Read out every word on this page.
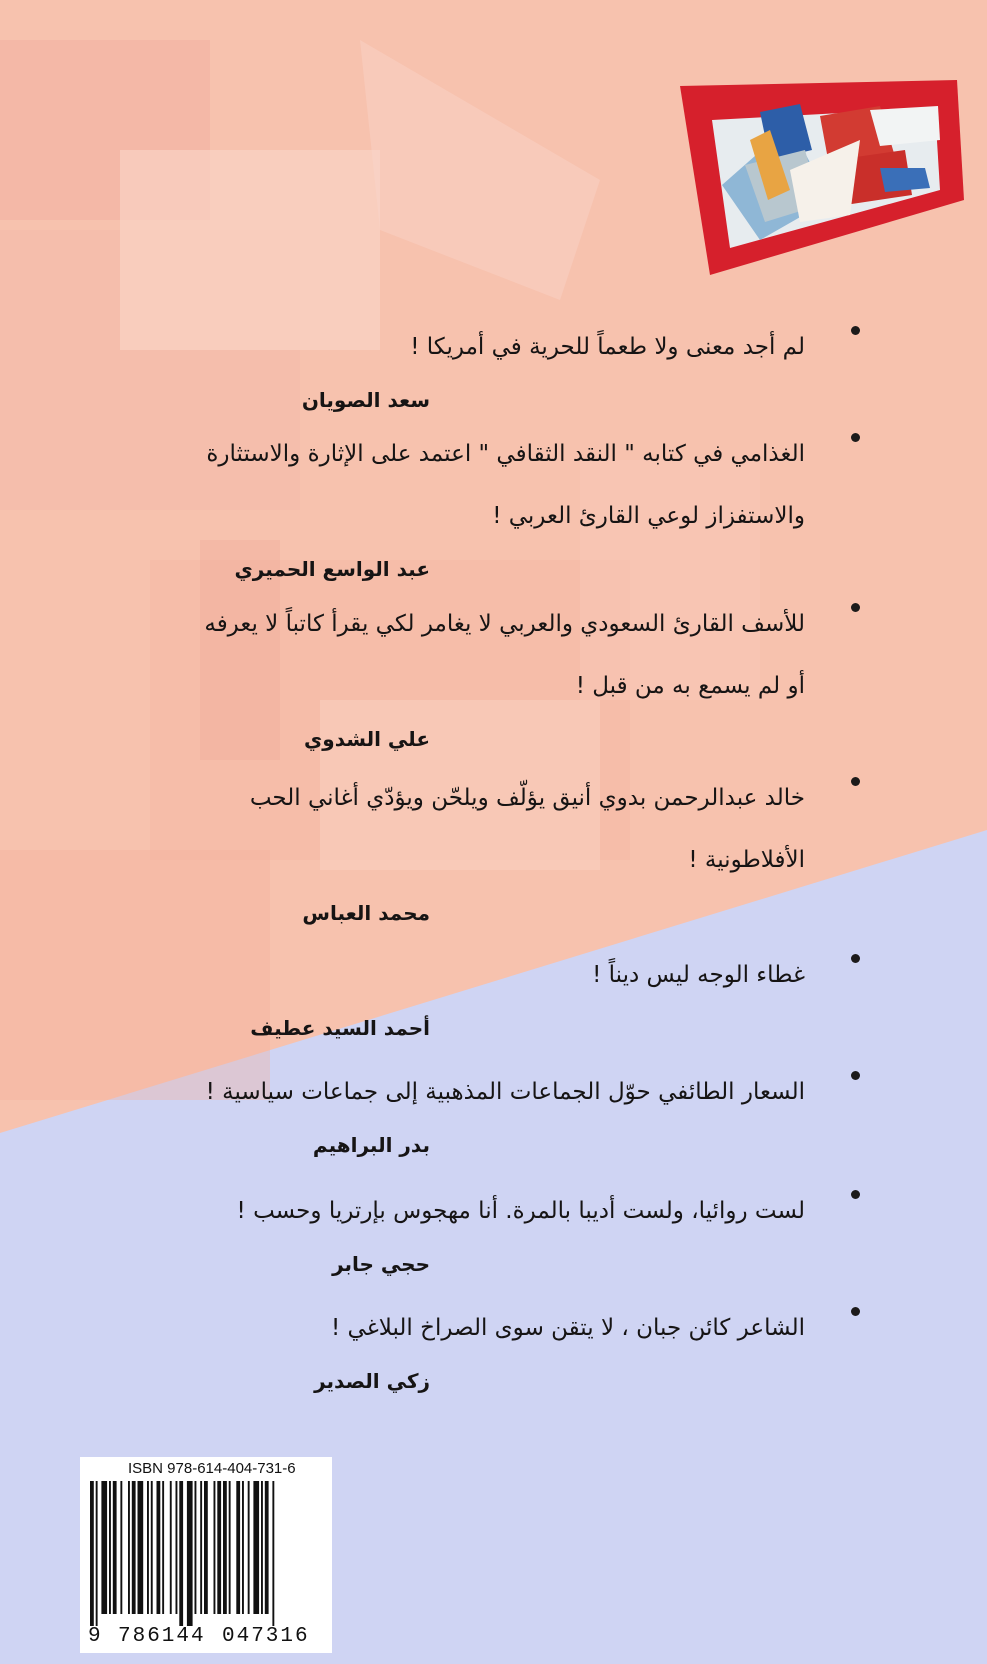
لم أجد معنى ولا طعماً للحرية في أمريكا !
سعد الصويان
الغذامي في كتابه " النقد الثقافي " اعتمد على الإثارة والاستثارة
والاستفزاز لوعي القارئ العربي !
عبد الواسع الحميري
للأسف القارئ السعودي والعربي لا يغامر لكي يقرأ كاتباً لا يعرفه
أو لم يسمع به من قبل !
علي الشدوي
خالد عبدالرحمن بدوي أنيق يؤلّف ويلحّن ويؤدّي أغاني الحب
الأفلاطونية !
محمد العباس
غطاء الوجه ليس ديناً !
أحمد السيد عطيف
السعار الطائفي حوّل الجماعات المذهبية إلى جماعات سياسية !
بدر البراهيم
لست روائيا، ولست أديبا بالمرة. أنا مهجوس بإرتريا وحسب !
حجي جابر
الشاعر كائن جبان ، لا يتقن سوى الصراخ البلاغي !
زكي الصدير
ISBN 978-614-404-731-6
9 786144 047316
